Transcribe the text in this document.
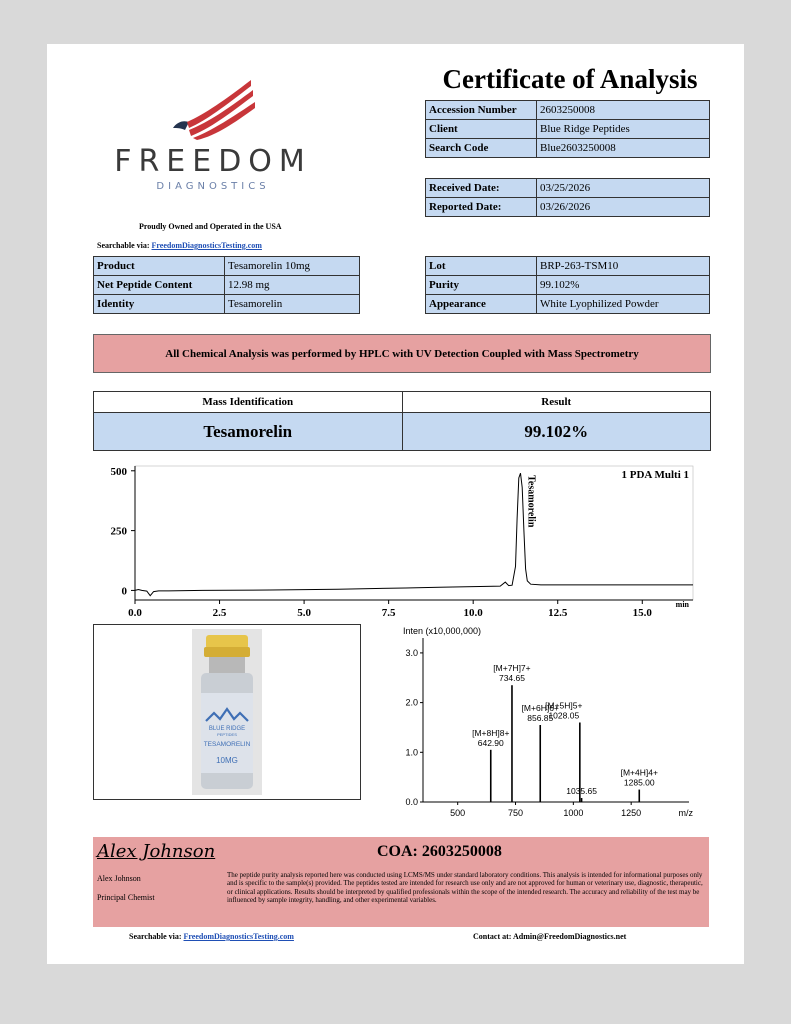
FREEDOM
DIAGNOSTICS
Proudly Owned and Operated in the USA
Searchable via: FreedomDiagnosticsTesting.com
Certificate of Analysis
Accession Number	2603250008
Client	Blue Ridge Peptides
Search Code	Blue2603250008
Received Date:	03/25/2026
Reported Date:	03/26/2026
Product	Tesamorelin 10mg
Net Peptide Content	12.98 mg
Identity	Tesamorelin
Lot	BRP-263-TSM10
Purity	99.102%
Appearance	White Lyophilized Powder
All Chemical Analysis was performed by HPLC with UV Detection Coupled with Mass Spectrometry
Mass Identification	Result
Tesamorelin	99.102%
0.0	2.5	5.0	7.5	10.0	12.5	15.0
0
250
500	1 PDA Multi 1
min
Tesamorelin
BLUE RIDGE
PEPTIDES
TESAMORELIN
10MG
Inten (x10,000,000)
0.0
1.0
2.0
3.0
500	750	1000	1250	m/z
642.90
[M+8H]8+
734.65
[M+7H]7+
856.85
[M+6H]6+
1028.05
[M+5H]5+
1035.65
1285.00
[M+4H]4+
Alex Johnson
Alex Johnson
Principal Chemist
COA: 2603250008
The peptide purity analysis reported here was conducted using LCMS/MS under standard laboratory conditions. This analysis is intended for informational purposes only and is specific to the sample(s) provided. The peptides tested are intended for research use only and are not approved for human or veterinary use, diagnostic, therapeutic, or clinical applications. Results should be interpreted by qualified professionals within the scope of the intended research. The accuracy and reliability of the test may be influenced by sample integrity, handling, and other experimental variables.
Searchable via: FreedomDiagnosticsTesting.com	Contact at: Admin@FreedomDiagnostics.net
